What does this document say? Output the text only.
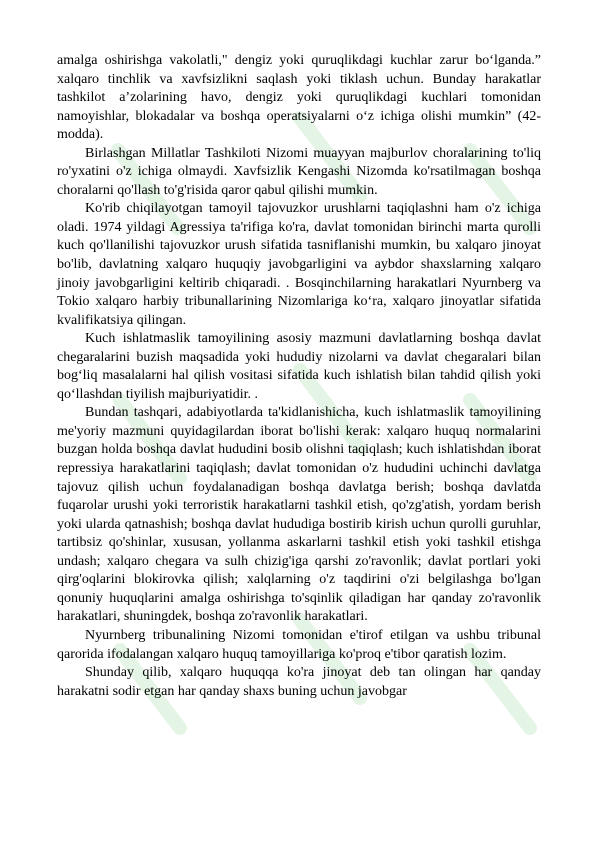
amalga oshirishga vakolatli," dengiz yoki quruqlikdagi kuchlar zarur bo‘lganda.” xalqaro tinchlik va xavfsizlikni saqlash yoki tiklash uchun. Bunday harakatlar tashkilot a’zolarining havo, dengiz yoki quruqlikdagi kuchlari tomonidan namoyishlar, blokadalar va boshqa operatsiyalarni o‘z ichiga olishi mumkin” (42-modda).

Birlashgan Millatlar Tashkiloti Nizomi muayyan majburlov choralarining to'liq ro'yxatini o'z ichiga olmaydi. Xavfsizlik Kengashi Nizomda ko'rsatilmagan boshqa choralarni qo'llash to'g'risida qaror qabul qilishi mumkin.

Ko'rib chiqilayotgan tamoyil tajovuzkor urushlarni taqiqlashni ham o'z ichiga oladi. 1974 yildagi Agressiya ta'rifiga ko'ra, davlat tomonidan birinchi marta qurolli kuch qo'llanilishi tajovuzkor urush sifatida tasniflanishi mumkin, bu xalqaro jinoyat bo'lib, davlatning xalqaro huquqiy javobgarligini va aybdor shaxslarning xalqaro jinoiy javobgarligini keltirib chiqaradi. . Bosqinchilarning harakatlari Nyurnberg va Tokio xalqaro harbiy tribunallarining Nizomlariga ko‘ra, xalqaro jinoyatlar sifatida kvalifikatsiya qilingan.

Kuch ishlatmaslik tamoyilining asosiy mazmuni davlatlarning boshqa davlat chegaralarini buzish maqsadida yoki hududiy nizolarni va davlat chegaralari bilan bog‘liq masalalarni hal qilish vositasi sifatida kuch ishlatish bilan tahdid qilish yoki qo‘llashdan tiyilish majburiyatidir. .

Bundan tashqari, adabiyotlarda ta'kidlanishicha, kuch ishlatmaslik tamoyilining me'yoriy mazmuni quyidagilardan iborat bo'lishi kerak: xalqaro huquq normalarini buzgan holda boshqa davlat hududini bosib olishni taqiqlash; kuch ishlatishdan iborat repressiya harakatlarini taqiqlash; davlat tomonidan o'z hududini uchinchi davlatga tajovuz qilish uchun foydalanadigan boshqa davlatga berish; boshqa davlatda fuqarolar urushi yoki terroristik harakatlarni tashkil etish, qo'zg'atish, yordam berish yoki ularda qatnashish; boshqa davlat hududiga bostirib kirish uchun qurolli guruhlar, tartibsiz qo'shinlar, xususan, yollanma askarlarni tashkil etish yoki tashkil etishga undash; xalqaro chegara va sulh chizig'iga qarshi zo'ravonlik; davlat portlari yoki qirg'oqlarini blokirovka qilish; xalqlarning o'z taqdirini o'zi belgilashga bo'lgan qonuniy huquqlarini amalga oshirishga to'sqinlik qiladigan har qanday zo'ravonlik harakatlari, shuningdek, boshqa zo'ravonlik harakatlari.

Nyurnberg tribunalining Nizomi tomonidan e'tirof etilgan va ushbu tribunal qarorida ifodalangan xalqaro huquq tamoyillariga ko'proq e'tibor qaratish lozim.

Shunday qilib, xalqaro huquqqa ko'ra jinoyat deb tan olingan har qanday harakatni sodir etgan har qanday shaxs buning uchun javobgar
